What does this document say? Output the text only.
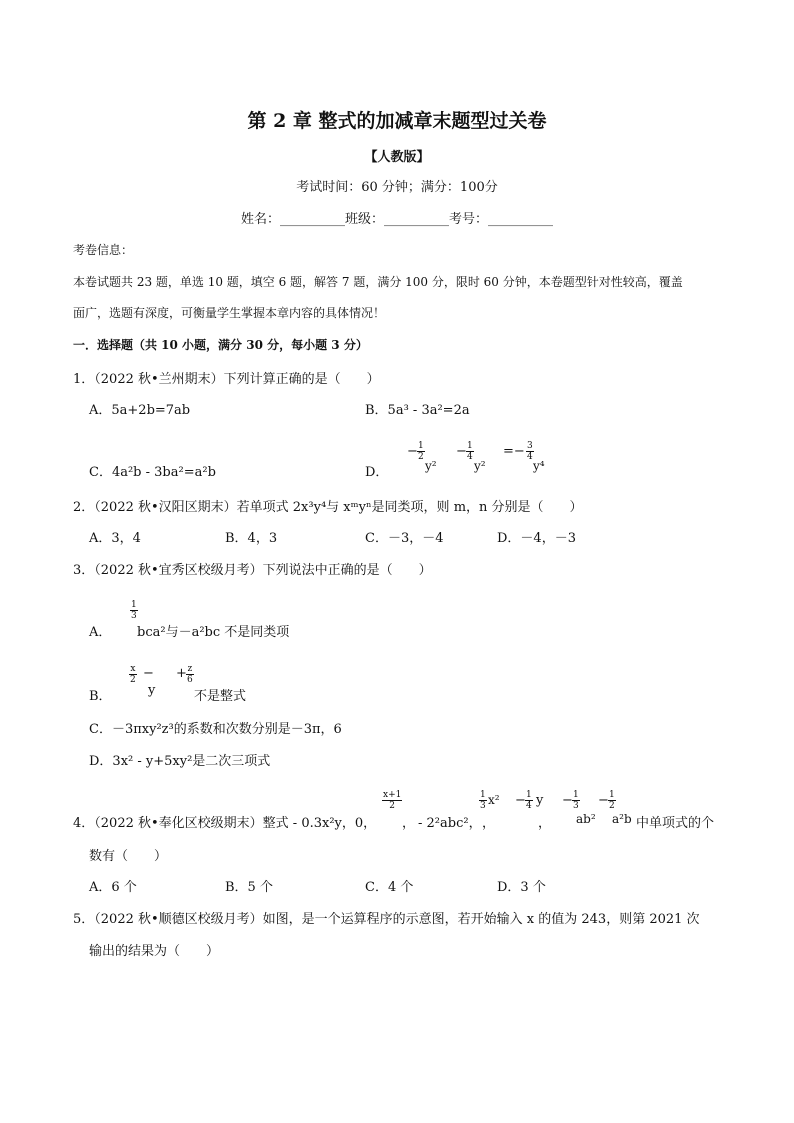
第 2 章 整式的加减章末题型过关卷
【人教版】
考试时间：60 分钟；满分：100分
姓名：__________班级：__________考号：__________
考卷信息：
本卷试题共 23 题，单选 10 题，填空 6 题，解答 7 题，满分 100 分，限时 60 分钟，本卷题型针对性较高，覆盖
面广，选题有深度，可衡量学生掌握本章内容的具体情况！
一．选择题（共 10 小题，满分 30 分，每小题 3 分）
1．（2022 秋•兰州期末）下列计算正确的是（　　）
A．5a+2b=7ab	B．5a³ - 3a²=2a
C．4a²b - 3ba²=a²b	D．
− $\frac{1}{2}$
y²
− $\frac{1}{4}$
y²
=− $\frac{3}{4}$
y⁴
2．（2022 秋•汉阳区期末）若单项式 2x³y⁴与 xᵐyⁿ是同类项，则 m，n 分别是（　　）
A．3，4	B．4，3	C．－3，－4	D．－4，－3
3．（2022 秋•宜秀区校级月考）下列说法中正确的是（　　）
A．
$\frac{1}{3}$
bca²与－a²bc 不是同类项
B．
$\frac{x}{2}$ −
y
+ $\frac{z}{6}$
不是整式
C．－3πxy²z³的系数和次数分别是－3π，6
D．3x² - y+5xy²是二次三项式
4．（2022 秋•奉化区校级期末）整式 - 0.3x²y，0，
$\frac{x+1}{2}$
， - 2²abc²，
$\frac{1}{3} x^2$
，
− $\frac{1}{4}$ y
，
− $\frac{1}{3}$
ab²
− $\frac{1}{2}$
a²b 中单项式的个
数有（　　）
A．6 个	B．5 个	C．4 个	D．3 个
5．（2022 秋•顺德区校级月考）如图，是一个运算程序的示意图，若开始输入 x 的值为 243，则第 2021 次
输出的结果为（　　）
